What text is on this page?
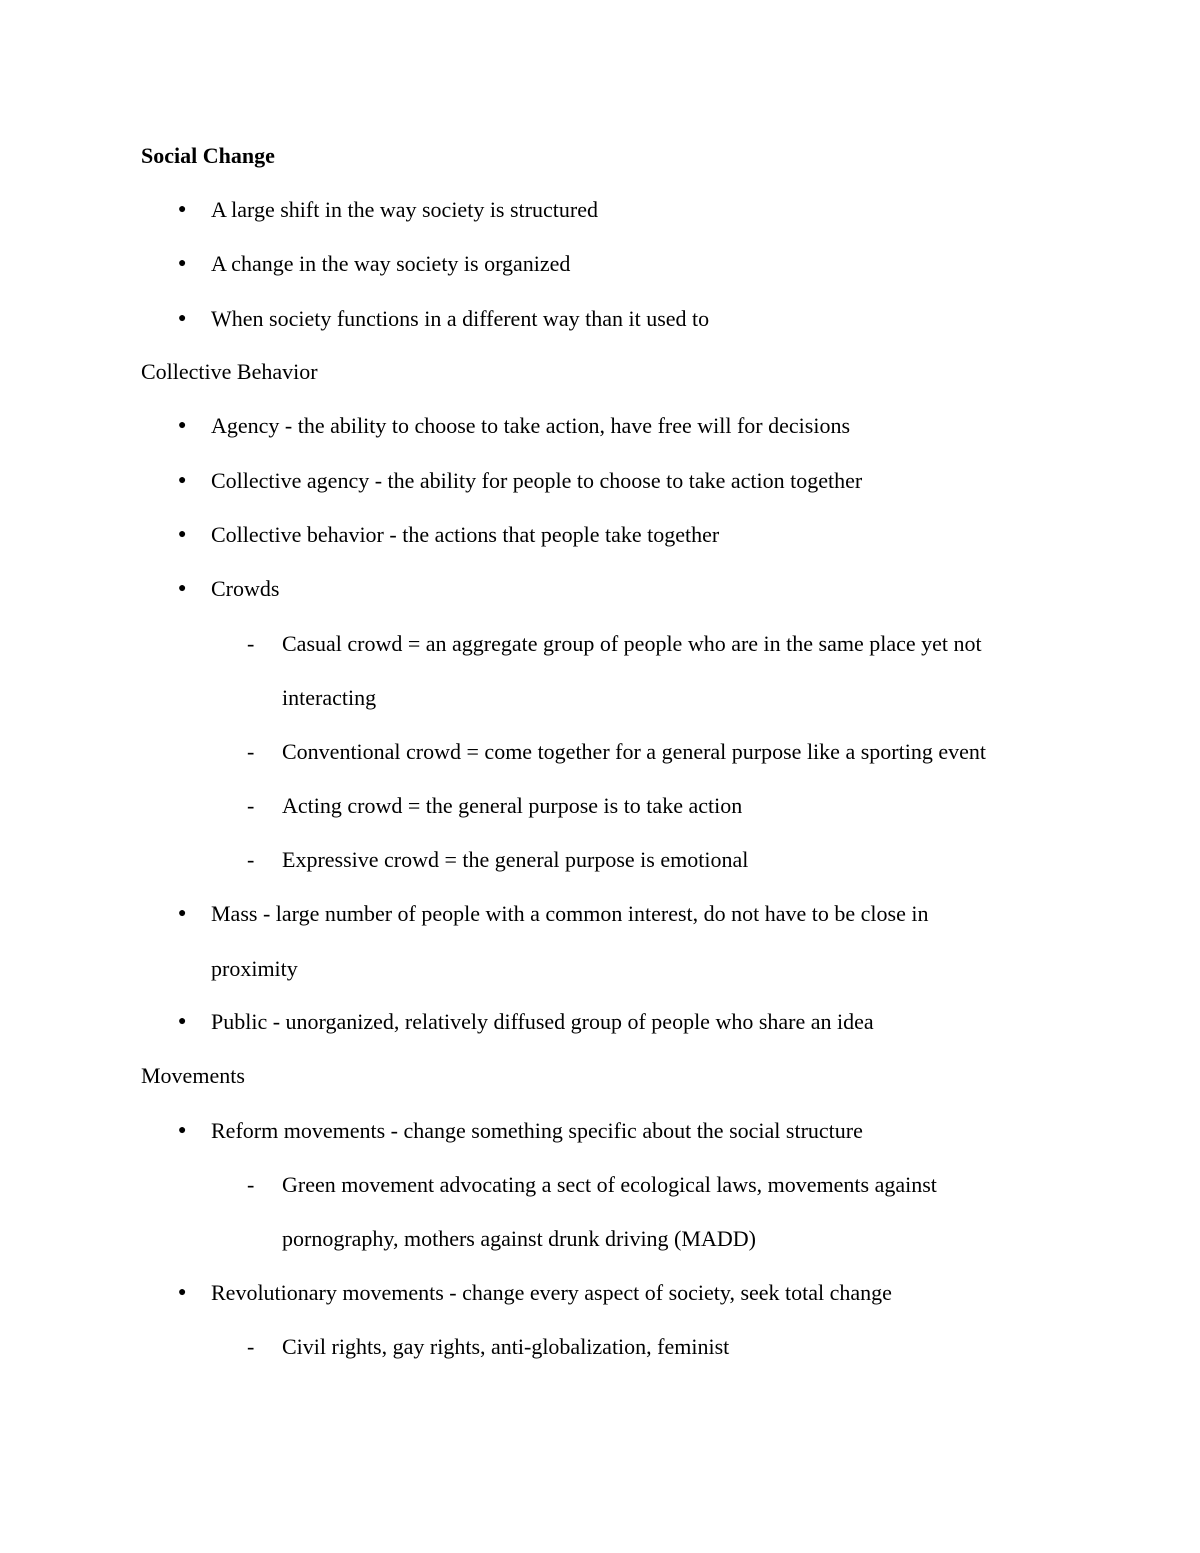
Social Change
● A large shift in the way society is structured
● A change in the way society is organized
● When society functions in a different way than it used to
Collective Behavior
● Agency - the ability to choose to take action, have free will for decisions
● Collective agency - the ability for people to choose to take action together
● Collective behavior - the actions that people take together
● Crowds
- Casual crowd = an aggregate group of people who are in the same place yet not
interacting
- Conventional crowd = come together for a general purpose like a sporting event
- Acting crowd = the general purpose is to take action
- Expressive crowd = the general purpose is emotional
● Mass - large number of people with a common interest, do not have to be close in
proximity
● Public - unorganized, relatively diffused group of people who share an idea
Movements
● Reform movements - change something specific about the social structure
- Green movement advocating a sect of ecological laws, movements against
pornography, mothers against drunk driving (MADD)
● Revolutionary movements - change every aspect of society, seek total change
- Civil rights, gay rights, anti-globalization, feminist
